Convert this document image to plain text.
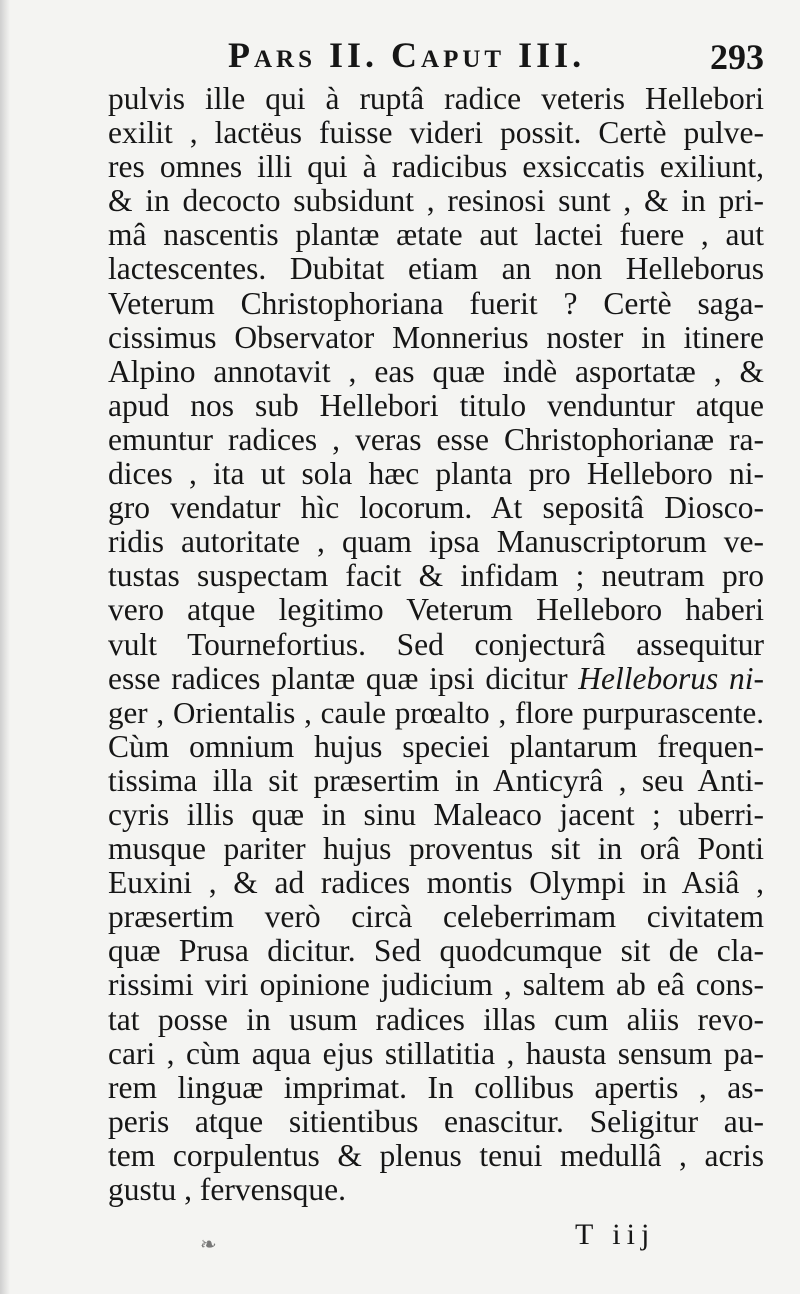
Pars II. Caput III.	293
pulvis ille qui à ruptâ radice veteris Hellebori
exilit , lactëus fuisse videri possit. Certè pulve-
res omnes illi qui à radicibus exsiccatis exiliunt,
& in decocto subsidunt , resinosi sunt , & in pri-
mâ nascentis plantæ ætate aut lactei fuere , aut
lactescentes. Dubitat etiam an non Helleborus
Veterum Christophoriana fuerit ? Certè saga-
cissimus Observator Monnerius noster in itinere
Alpino annotavit , eas quæ indè asportatæ , &
apud nos sub Hellebori titulo venduntur atque
emuntur radices , veras esse Christophorianæ ra-
dices , ita ut sola hæc planta pro Helleboro ni-
gro vendatur hìc locorum. At sepositâ Diosco-
ridis autoritate , quam ipsa Manuscriptorum ve-
tustas suspectam facit & infidam ; neutram pro
vero atque legitimo Veterum Helleboro haberi
vult Tournefortius. Sed conjecturâ assequitur
esse radices plantæ quæ ipsi dicitur Helleborus ni-
ger , Orientalis , caule prœalto , flore purpurascente.
Cùm omnium hujus speciei plantarum frequen-
tissima illa sit præsertim in Anticyrâ , seu Anti-
cyris illis quæ in sinu Maleaco jacent ; uberri-
musque pariter hujus proventus sit in orâ Ponti
Euxini , & ad radices montis Olympi in Asiâ ,
præsertim verò circà celeberrimam civitatem
quæ Prusa dicitur. Sed quodcumque sit de cla-
rissimi viri opinione judicium , saltem ab eâ cons-
tat posse in usum radices illas cum aliis revo-
cari , cùm aqua ejus stillatitia , hausta sensum pa-
rem linguæ imprimat. In collibus apertis , as-
peris atque sitientibus enascitur. Seligitur au-
tem corpulentus & plenus tenui medullâ , acris
gustu , fervensque.
❧	T iij
